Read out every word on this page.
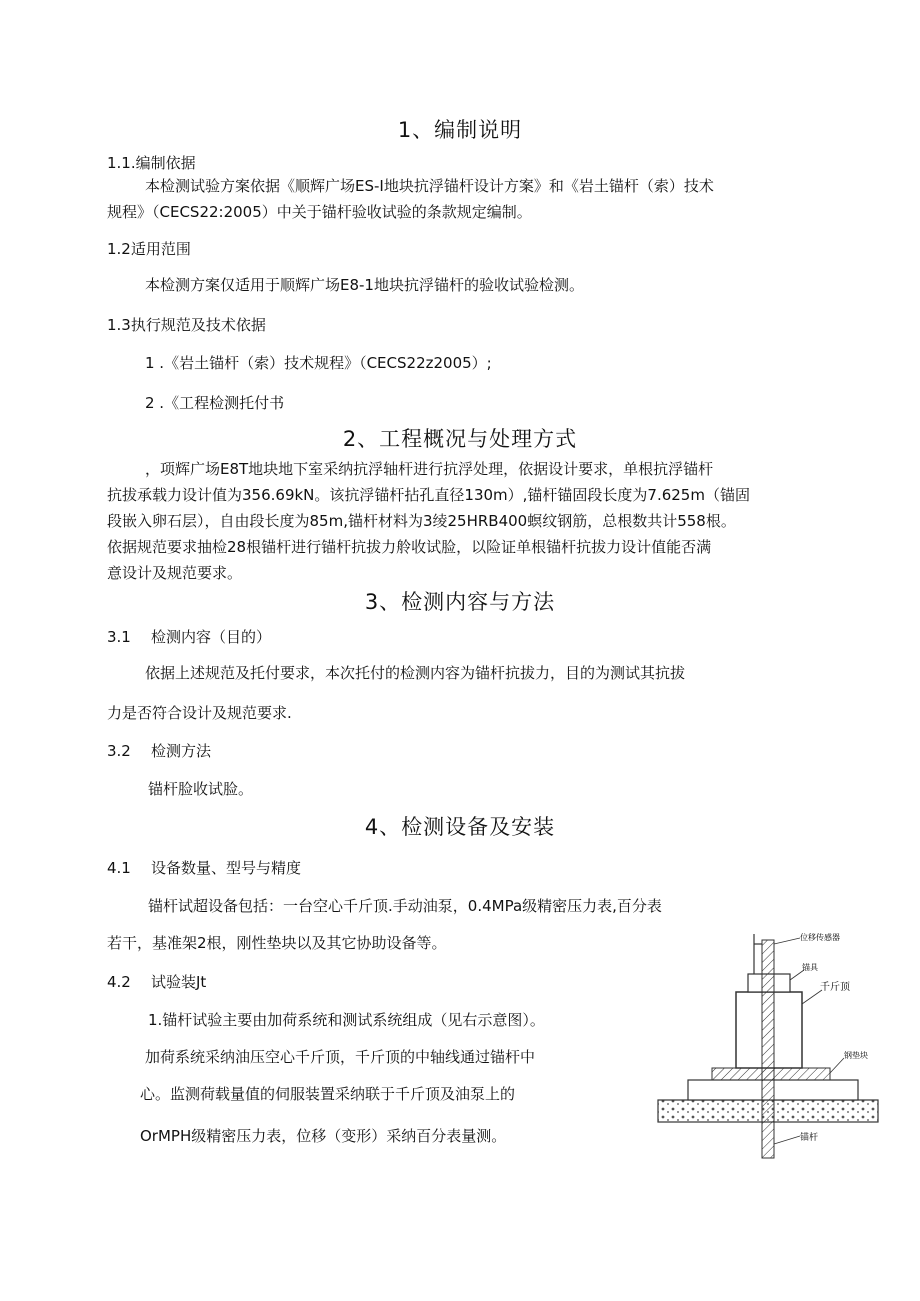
1、编制说明
1.1.编制依据
本检测试验方案依据《顺辉广场ES-I地块抗浮锚杆设计方案》和《岩土锚杆（索）技术
规程》（CECS22:2005）中关于锚杆验收试验的条款规定编制。
1.2适用范围
本检测方案仅适用于顺辉广场E8-1地块抗浮锚杆的验收试验检测。
1.3执行规范及技术依据
1 .《岩土锚杆（索）技术规程》（CECS22z2005）;
2 .《工程检测托付书
2、工程概况与处理方式
，项辉广场E8T地块地下室采纳抗浮轴杆进行抗浮处理，依据设计要求，单根抗浮锚杆
抗拔承载力设计值为356.69kN。该抗浮锚杆拈孔直径130m）,锚杆锚固段长度为7.625m（锚固
段嵌入卵石层），自由段长度为85m,锚杆材料为3绫25HRB400螟纹钢筋，总根数共计558根。
依据规范要求抽检28根锚杆进行锚杆抗拔力舲收试脸，以险证单根锚杆抗拔力设计值能否满
意设计及规范要求。
3、检测内容与方法
3.1 检测内容（目的）
依据上述规范及托付要求，本次托付的检测内容为锚杆抗拔力，目的为测试其抗拔
力是否符合设计及规范要求.
3.2 检测方法
锚杆脸收试脸。
4、检测设备及安装
4.1 设备数量、型号与精度
锚杆试超设备包括：一台空心千斤顶.手动油泵，0.4MPa级精密压力表,百分表
若干，基准架2根，刚性垫块以及其它协助设备等。
4.2 试验装Jt
1.锚杆试验主要由加荷系统和测试系统组成（见右示意图）。
加荷系统采纳油压空心千斤顶，千斤顶的中轴线通过锚杆中
心。监测荷载量值的伺服装置采纳联于千斤顶及油泵上的
OrMPH级精密压力表，位移（变形）采纳百分表量测。
位移传感器
锚具
千斤顶
钢垫块
锚杆
